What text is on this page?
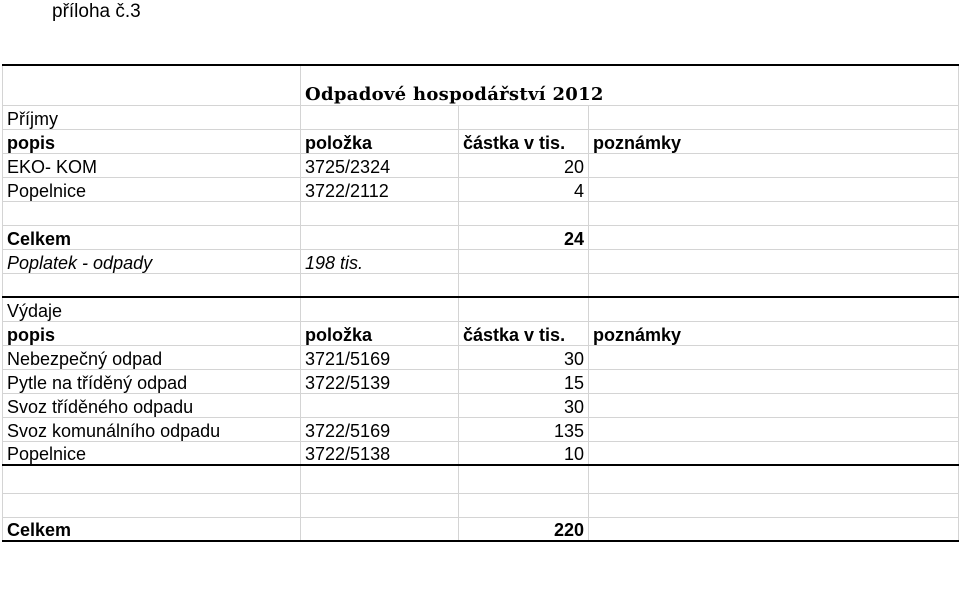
příloha č.3
	Odpadové hospodářství 2012		
Příjmy			
popis	položka	částka v tis.	poznámky
EKO- KOM	3725/2324	20	
Popelnice	3722/2112	4	

Celkem		24	
Poplatek - odpady	198 tis.		

Výdaje			
popis	položka	částka v tis.	poznámky
Nebezpečný odpad	3721/5169	30	
Pytle na tříděný odpad	3722/5139	15	
Svoz tříděného odpadu		30	
Svoz komunálního odpadu	3722/5169	135	
Popelnice	3722/5138	10	

Celkem		220	
